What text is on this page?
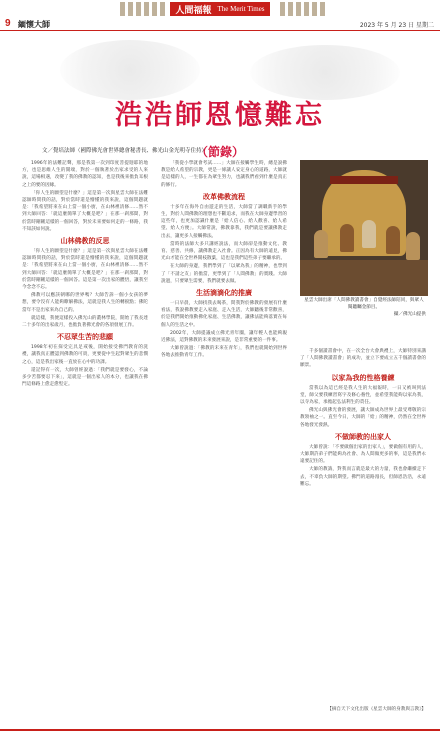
人間福報 The Merit Times
9 緬懷大師	2023 年 5 月 23 日 星期二
浩浩師恩憶難忘（節錄）
文／覺培法師（國際佛光會世界總會秘書長、佛光山金光明寺住持）

1996年的法難記聲，那是我第一次到印度菩提迦耶的地方，也是思維人生的開端，對於一個執著於出家求受的人來說，這場相遇，改變了我的佛教的認知，也是我後來擔負耳根之上的要的因緣。

「你人生的願望是什麼？」這是第一次與星雲大師在法難認師時問我的話，對於當時還是懵懂的我來說，這個問題就是：「我希望將來在山上當一個小廚，在山林裡清修……然不到大師回答：「就這麼簡單了大概是吧？」在那一剎那間，對於當時剛剛這樣的一個回答，對於未來要如何走的一條路，我不知該如何說。

山林佛教的反思

「你人生的願望是什麼？」這是第一次與星雲大師在法難認師時問我的話，對於當時還是懵懂的我來說，這個問題就是：「我希望將來在山上當一個小廚，在山林裡清修……然不到大師回答：「就這麼簡單了大概是吧？」在那一剎那間，對於當時剛剛這樣的一個回答。這是第一次出家的體悟，讓我至今念念不忘。

佛教可以應該朝哪的世界嗎？大師告訴一個小女孩的夢想，要令沒有人能夠瞭解佛法，這就是我人生的轉捩點；佛陀當年不是出家來為自己的。

就這樣，我便這樣投入佛光山的叢林學院，開始了我長達二十多年的出家歲月，也擔負著佛光會的各項發展工作。

不忍眾生苦的悲願

1998年初在探受完具足戒後，開始接受佛門教育的洗禮，讓我真正體認到佛教的可貴，更要從中生起對眾生的悲憫之心，這是我出家後一直放在心中的功課。

還記得有一次，大師曾經說過：「我們就是要發心，不論多少苦都要忍下來」，這就是一個出家人的本分，也讓我在佛門這條路上愈走愈堅定。

「我從小學就會考試……」大師在接觸學生時，總是說佛教是給人希望的宗教，更是一條讓人安定身心的道路，大師就是這樣的人，一生都在為眾生努力，也讓我們看到什麼是真正的修行。

改革佛教流程

十多年在海外自由遊走的生活，大師當了調職新手的學生，對於人間佛教的理想也不斷追求，而我在大師身邊學習的這些年，也更加認識什麼是「給人信心、給人歡喜、給人希望、給人方便」。大師常說，佛教靠我，我們就是要讓佛教走出去，讓更多人接觸佛法。

當時的法師大多只講經說法，而大師卻是推動文化、教育、慈善、共修，讓佛教走入社會。正因為有大師的遠見，佛光山才能在全世界開枝散葉，這也是我們這些弟子要繼承的。

在大師的身邊，我們學到了「以眾為我」的精神，也學到了「不請之友」的擔當，更學到了「人間佛教」的實踐。大師說過，只要眾生需要，我們就要去做。

生活滴滴化的推廣

一日早晨，大師找我去喝茶，問我對於佛教的發展有什麼看法，我說佛教要走入家庭、走入生活，大師聽後非常歡喜，於是我們開始推動佛化家庭、生活佛教，讓佛法能夠落實在每個人的生活之中。

2002年，大師提議成立佛光青年團，讓年輕人也能夠親近佛法，這對佛教的未來發展來說，是非常重要的一件事。

大師曾說過：「佛教的未來在青年」，我們也就開始到世界各地去推動青年工作。

星雲大師出席「人間佛教讀書會」自覺經法師陪同，與眾人閱聽矚金節目。
攝／佛光山提供

千多個讀書會中，在一次全台大會典禮上，大師特別來講了「人間佛教讀書會」的成功，並立下要成立五千個讀書會的願景。

以家為我的性格養練

當我以為這已經是我人生的大福報時，一日又被叫到法堂，師父要我練習寫字及修心養性，並希望我能夠以家為我，以寺為家，承擔起弘法利生的責任。

佛光山與佛光會的發展，讓大師成為世界上最受尊敬的宗教領袖之一。直至今日，大師的「給」的精神，仍然在全世界各地發光發熱。

不做師教的出家人

大師曾說：「不要做個出家的出家人」，要做個有用的人，大師期許弟子們能夠為社會、為人間做更多的事，這是我們永遠要記住的。

大師的教誨，對我而言就是最大的力量，我也會繼續走下去，不辜負大師的期望。佛門的道路漫長，但師恩浩浩，永遠難忘。

【摘自天下文化出版《星雲大師的身教與言教》】
